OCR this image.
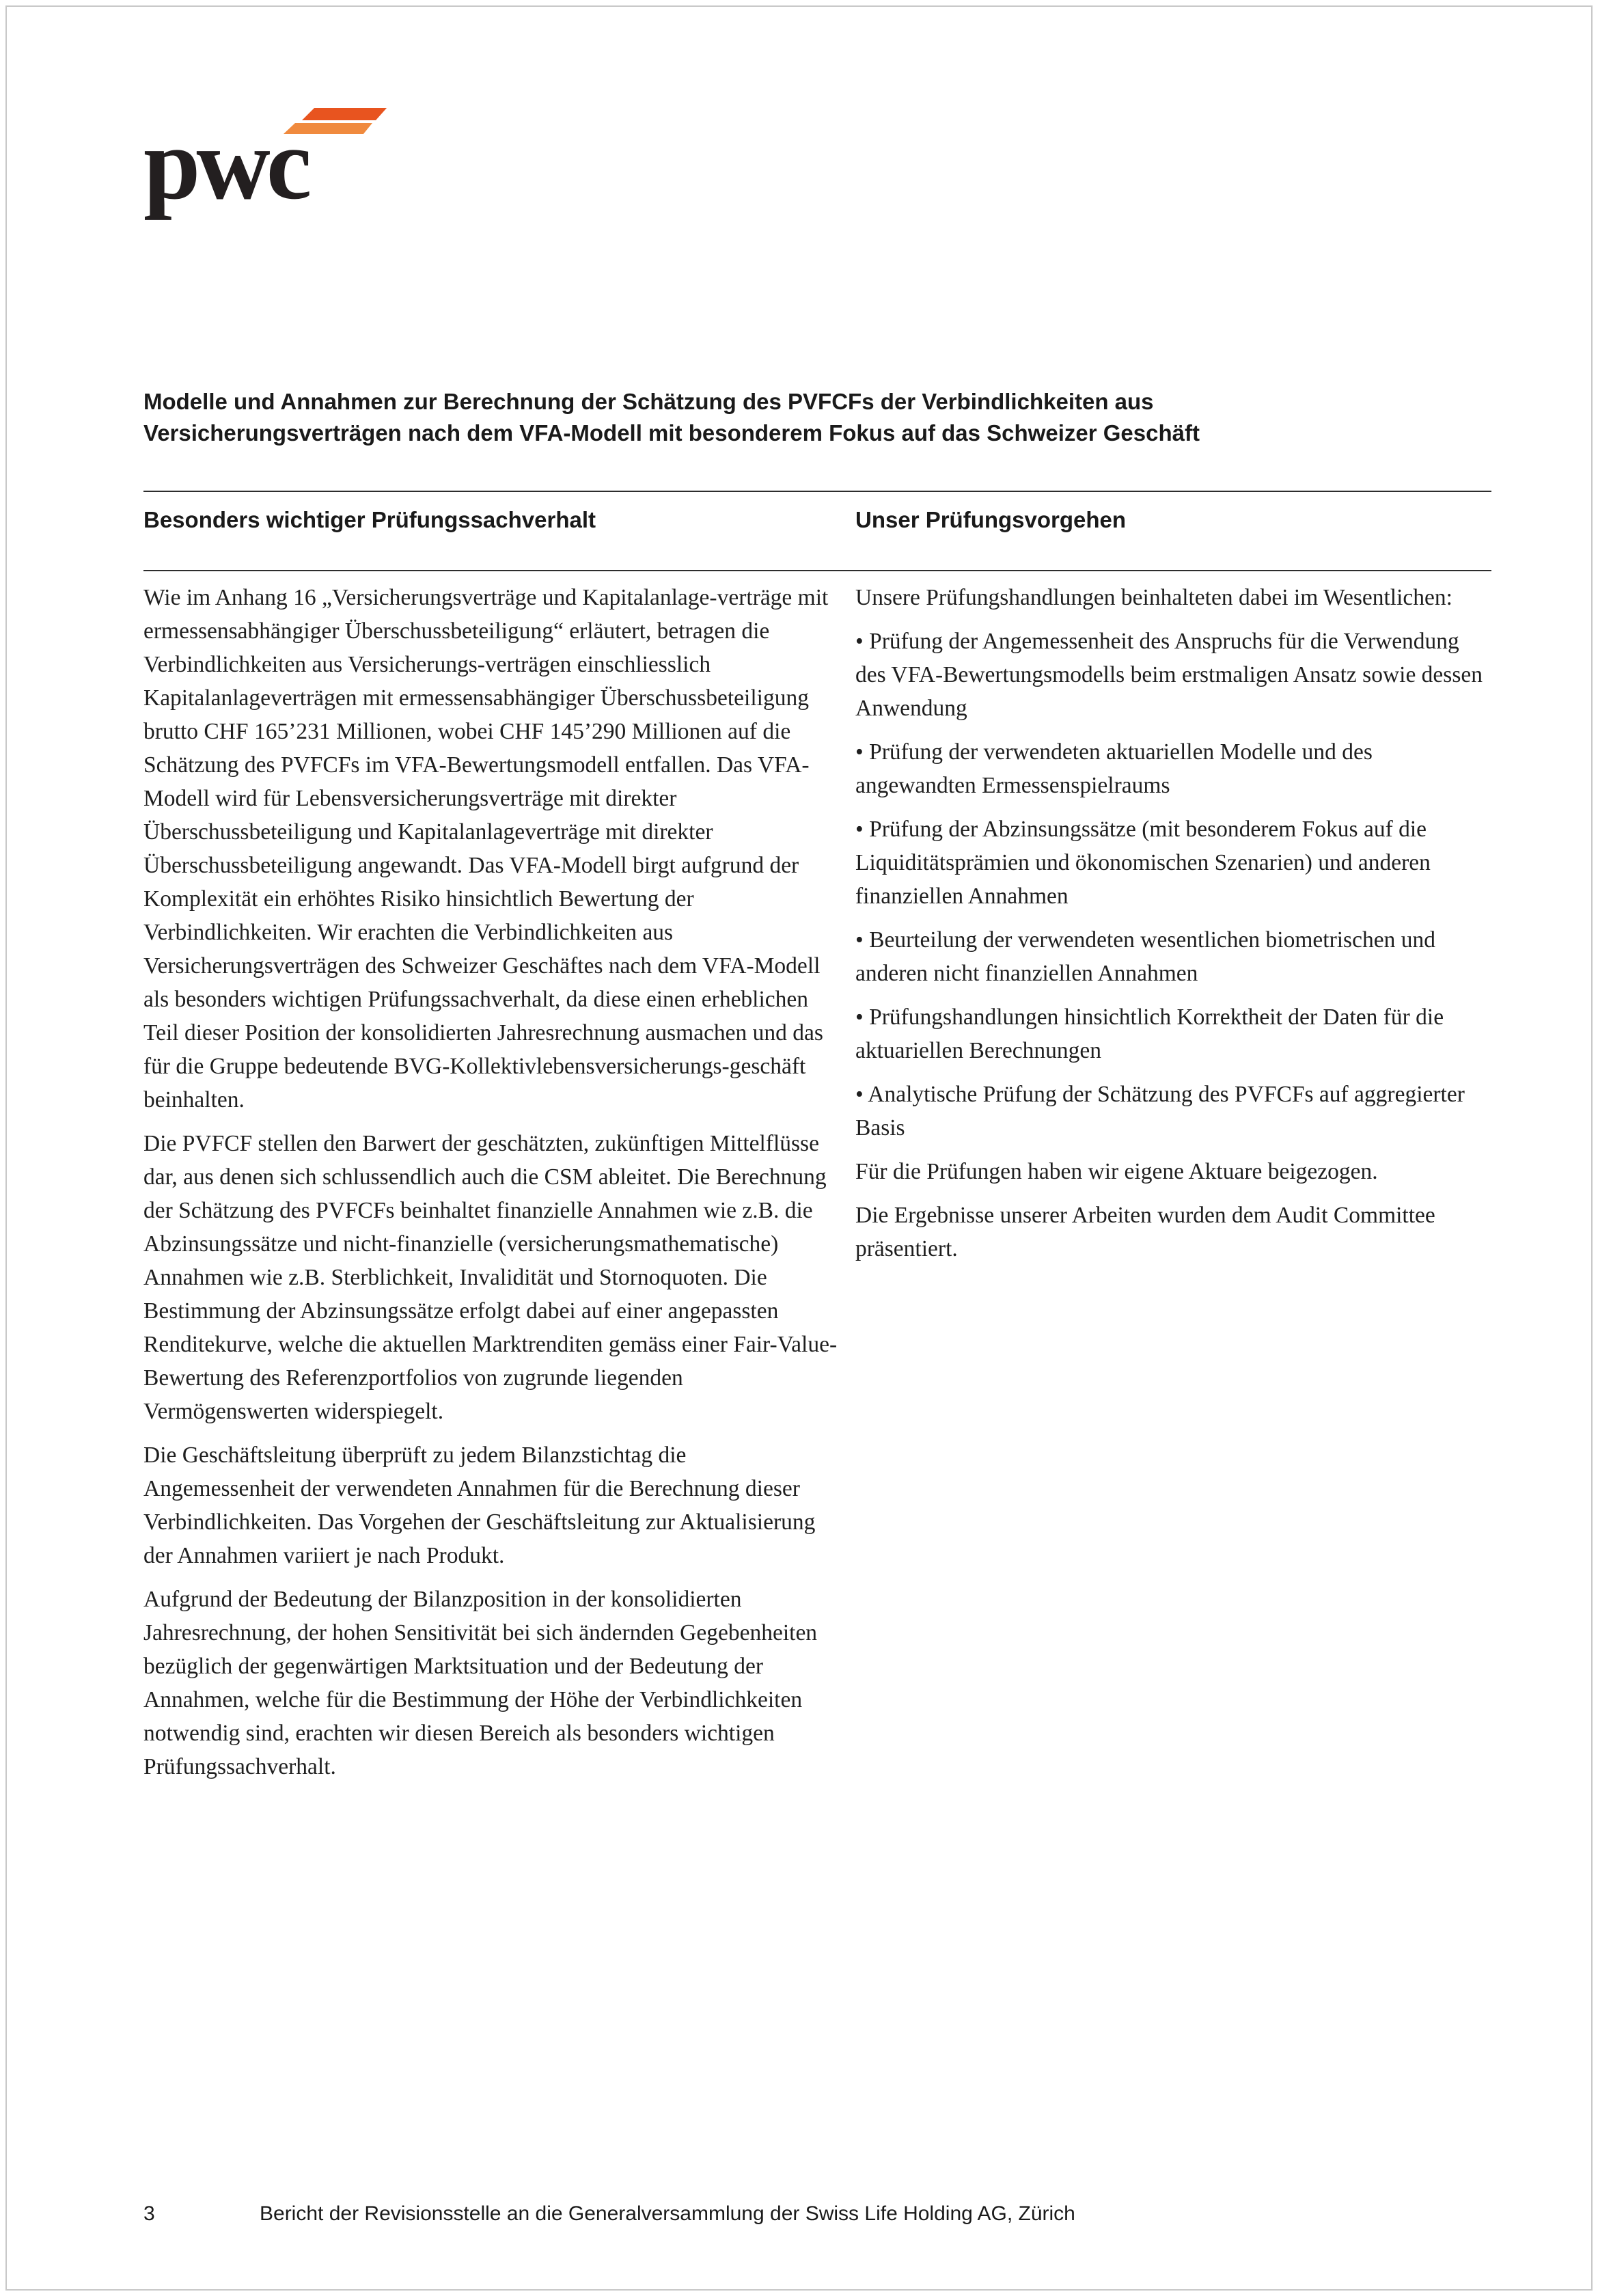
pwc
Modelle und Annahmen zur Berechnung der Schätzung des PVFCFs der Verbindlichkeiten aus
Versicherungsverträgen nach dem VFA-Modell mit besonderem Fokus auf das Schweizer Geschäft
Besonders wichtiger Prüfungssachverhalt	Unser Prüfungsvorgehen

Wie im Anhang 16 „Versicherungsverträge und Kapitalanlage-verträge mit ermessensabhängiger Überschussbeteiligung“ erläutert, betragen die Verbindlichkeiten aus Versicherungs-verträgen einschliesslich Kapitalanlageverträgen mit ermessensabhängiger Überschussbeteiligung brutto CHF 165’231 Millionen, wobei CHF 145’290 Millionen auf die Schätzung des PVFCFs im VFA-Bewertungsmodell entfallen. Das VFA-Modell wird für Lebensversicherungsverträge mit direkter Überschussbeteiligung und Kapitalanlageverträge mit direkter Überschussbeteiligung angewandt. Das VFA-Modell birgt aufgrund der Komplexität ein erhöhtes Risiko hinsichtlich Bewertung der Verbindlichkeiten. Wir erachten die Verbindlichkeiten aus Versicherungsverträgen des Schweizer Geschäftes nach dem VFA-Modell als besonders wichtigen Prüfungssachverhalt, da diese einen erheblichen Teil dieser Position der konsolidierten Jahresrechnung ausmachen und das für die Gruppe bedeutende BVG-Kollektivlebensversicherungs-geschäft beinhalten.

Die PVFCF stellen den Barwert der geschätzten, zukünftigen Mittelflüsse dar, aus denen sich schlussendlich auch die CSM ableitet. Die Berechnung der Schätzung des PVFCFs beinhaltet finanzielle Annahmen wie z.B. die Abzinsungssätze und nicht-finanzielle (versicherungsmathematische) Annahmen wie z.B. Sterblichkeit, Invalidität und Stornoquoten. Die Bestimmung der Abzinsungssätze erfolgt dabei auf einer angepassten Renditekurve, welche die aktuellen Marktrenditen gemäss einer Fair-Value-Bewertung des Referenzportfolios von zugrunde liegenden Vermögenswerten widerspiegelt.

Die Geschäftsleitung überprüft zu jedem Bilanzstichtag die Angemessenheit der verwendeten Annahmen für die Berechnung dieser Verbindlichkeiten. Das Vorgehen der Geschäftsleitung zur Aktualisierung der Annahmen variiert je nach Produkt.

Aufgrund der Bedeutung der Bilanzposition in der konsolidierten Jahresrechnung, der hohen Sensitivität bei sich ändernden Gegebenheiten bezüglich der gegenwärtigen Marktsituation und der Bedeutung der Annahmen, welche für die Bestimmung der Höhe der Verbindlichkeiten notwendig sind, erachten wir diesen Bereich als besonders wichtigen Prüfungssachverhalt.

Unsere Prüfungshandlungen beinhalteten dabei im Wesentlichen:

• Prüfung der Angemessenheit des Anspruchs für die Verwendung des VFA-Bewertungsmodells beim erstmaligen Ansatz sowie dessen Anwendung
• Prüfung der verwendeten aktuariellen Modelle und des angewandten Ermessenspielraums
• Prüfung der Abzinsungssätze (mit besonderem Fokus auf die Liquiditätsprämien und ökonomischen Szenarien) und anderen finanziellen Annahmen
• Beurteilung der verwendeten wesentlichen biometrischen und anderen nicht finanziellen Annahmen
• Prüfungshandlungen hinsichtlich Korrektheit der Daten für die aktuariellen Berechnungen
• Analytische Prüfung der Schätzung des PVFCFs auf aggregierter Basis

Für die Prüfungen haben wir eigene Aktuare beigezogen.

Die Ergebnisse unserer Arbeiten wurden dem Audit Committee präsentiert.

3	Bericht der Revisionsstelle an die Generalversammlung der Swiss Life Holding AG, Zürich
